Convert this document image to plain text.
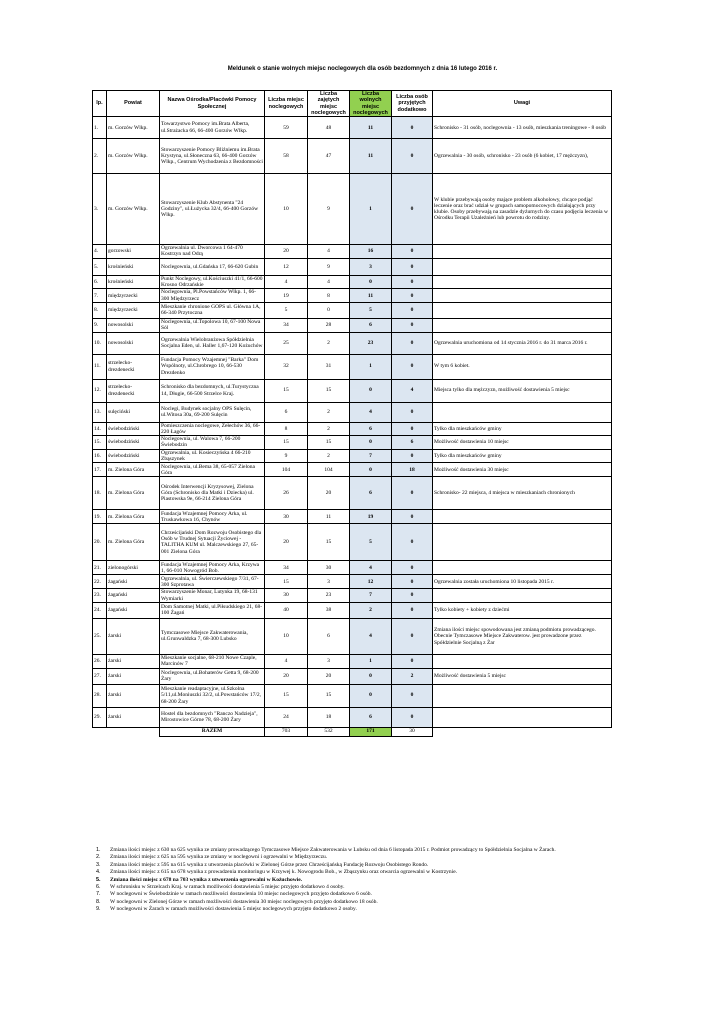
Meldunek o stanie wolnych miejsc noclegowych dla osób bezdomnych z dnia 16 lutego 2016 r.
lp.	Powiat	Nazwa Ośrodka/Placówki Pomocy Społecznej	Liczba miejsc noclegowych	Liczba zajętych miejsc noclegowych	Liczba wolnych miejsc noclegowych	Liczba osób przyjętych dodatkowo	Uwagi
1.	m. Gorzów Wlkp.	Towarzystwo Pomocy im.Brata Alberta, ul.Strażacka 66, 66-400 Gorzów Wlkp.	59	48	11	0	Schronisko - 31 osób, noclegownia - 13 osób, mieszkania treningowe - 8 osób
2.	m. Gorzów Wlkp.	Stowarzyszenie Pomocy Bliźniemu im.Brata Krystyna, ul.Słoneczna 63, 66-400 Gorzów Wlkp., Centrum Wychodzenia z Bezdomności	58	47	11	0	Ogrzewalnia - 30 osób, schronisko - 23 osób (6 kobiet, 17 mężczyzn),
3.	m. Gorzów Wlkp.	Stowarzyszenie Klub Abstynenta "24 Godziny", ul.Łużycka 32/4, 66-400 Gorzów Wlkp.	10	9	1	0	W klubie przebywają osoby mające problem alkoholowy, chcące podjąć leczenie oraz brać udział w grupach samopomocowych działających przy klubie. Osoby przebywają na zasadzie dyżurnych do czasu podjęcia leczenia w Ośrodku Terapii Uzależnień lub powrotu do rodziny.
4.	gorzowski	Ogrzewalnia ul. Dworcowa 1 64-470 Kostrzyn nad Odrą	20	4	16	0	
5.	krośnieński	Noclegownia, ul.Gdańska 17, 66-620 Gubin	12	9	3	0	
6.	krośnieński	Punkt Noclegowy, ul.Kościuszki 41/1, 66-600 Krosno Odrzańskie	4	4	0	0	
7.	międzyrzecki	Noclegownia, Pl.Powstańców Wlkp. 1, 66-300 Międzyrzecz	19	8	11	0	
8.	międzyrzecki	Mieszkanie chronione GOPS ul. Główna 1A, 66-340 Przytoczna	5	0	5	0	
9.	nowosolski	Noclegownia, ul.Topolowa 10, 67-100 Nowa Sól	34	28	6	0	
10.	nowosolski	Ogrzewalnia Wielobranżowa Spółdzielnia Socjalna Eden, ul. Haller 1,67-120 Kożuchów	25	2	23	0	Ogrzewalnia uruchomiona od 14 stycznia 2016 r. do 31 marca 2016 r.
11.	strzelecko-drezdenecki	Fundacja Pomocy Wzajemnej "Barka" Dom Wspólnoty, ul.Chrobrego 10, 66-530 Drezdenko	32	31	1	0	W tym 6 kobiet.
12.	strzelecko-drezdenecki	Schronisko dla bezdomnych, ul.Turystyczna 14, Długie, 66-500 Strzelce Kraj.	15	15	0	4	Miejsca tylko dla mężczyzn, możliwość dostawienia 5 miejsc
13.	sulęciński	Noclegi, Budynek socjalny OPS Sulęcin, ul.Witosa 30a, 69-200 Sulęcin	6	2	4	0	
14.	świebodziński	Pomieszczenia noclegowe, Zełechów 36, 66-220 Łagów	8	2	6	0	Tylko dla mieszkańców gminy
15.	świebodziński	Noclegownia, ul. Walowa 7, 66-200 Świebodzin	15	15	0	6	Możliwość dostawienia 10 miejsc
16.	świebodziński	Ogrzewalnia, ul. Kosieczyńska 4 66-210 Zbąszynek	9	2	7	0	Tylko dla mieszkańców gminy
17.	m. Zielona Góra	Noclegownia, ul.Bema 38, 65-057 Zielona Góra	104	104	0	18	Możliwość dostawienia 30 miejsc
18.	m. Zielona Góra	Ośrodek Interwencji Kryzysowej, Zielona Góra (Schronisko dla Matki i Dziecka) ul. Piastowska 9e, 66-214 Zielona Góra	26	20	6	0	Schronisko- 22 miejsca, 4 miejsca w mieszkaniach chronionych
19.	m. Zielona Góra	Fundacja Wzajemnej Pomocy Arka, ul. Truskawkowa 16, Chynów	30	11	19	0	
20.	m. Zielona Góra	Chrześcijański Dom Rozwoju Osobistego dla Osób w Trudnej Sytuacji Życiowej - TALITHA KUM ul. Malczewskiego 27, 65-001 Zielona Góra	20	15	5	0	
21.	zielonogórski	Fundacja Wzajemnej Pomocy Arka, Krzywa 1, 66-010 Nowogród Bob.	34	30	4	0	
22.	żagański	Ogrzewalnia, ul. Świerczewskiego 7/31, 67-300 Szprotawa	15	3	12	0	Ogrzewalnia została uruchomiona 10 listopada 2015 r.
23.	żagański	Stowarzyszenie Monar, Lutynka 19, 68-131 Wymiarki	30	23	7	0	
24.	żagański	Dom Samotnej Matki, ul.Piłsudskiego 21, 68-100 Żagań	40	38	2	0	Tylko kobiety + kobiety z dziećmi
25.	żarski	Tymczasowe Miejsce Zakwaterowania, ul.Grunwaldzka 7, 68-300 Lubsko	10	6	4	0	Zmiana ilości miejsc spowodowana jest zmianą podmiotu prowadzącego. Obecnie Tymczasowe Miejsce Zakwaterow. jest prowadzone przez Spółdzielnie Socjalną z Żar
26.	żarski	Mieszkanie socjalne, 68-210 Nowe Czaple, Marcinów 7	4	3	1	0	
27.	żarski	Noclegownia, ul.Bohaterów Getta 9, 68-200 Żary	20	20	0	2	Możliwość dostawienia 5 miejsc
28.	żarski	Mieszkanie readaptacyjne, ul.Szkolna 5/11,ul.Moniuszki 32/2, ul.Powstańców 17/2, 68-200 Żary	15	15	0	0	
29.	żarski	Hostel dla bezdomnych "Ranczo Nadzieja", Mirostowice Górne 78, 68-200 Żary	24	18	6	0	
		RAZEM	703	532	171	30	
1. Zmiana ilości miejsc z 630 na 625 wynika ze zmiany prowadzącego Tymczasowe Miejsce Zakwaterowania w Lubsku od dnia 6 listopada 2015 r. Podmiot prowadzący to Spółdzielnia Socjalna w Żarach.
2. Zmiana ilości miejsc z 625 na 595 wynika ze zmiany w noclegowni i ogrzewalni w Międzyrzeczu.
3. Zmiana ilości miejsc z 595 na 615 wynika z utworzenia placówki w Zielonej Górze przez Chrześcijańską Fundację Rozwoju Osobistego Rondo.
4. Zmiana ilości miejsc z 615 na 678 wynika z prowadzenia monitoringu w Krzywej k. Nowogrodu Bob., w Zbąszynku oraz otwarcia ogrzewalni w Kostrzynie.
5. Zmiana ilości miejsc z 678 na 703 wynika z utworzenia ogrzewalni w Kożuchowie.
6. W schronisku w Strzelcach Kraj. w ramach możliwości dostawienia 5 miejsc przyjęto dodatkowo 4 osoby.
7. W noclegowni w Świebodzinie w ramach możliwości dostawienia 10 miejsc noclegowych przyjęto dodatkowo 6 osób.
8. W noclegowni w Zielonej Górze w ramach możliwości dostawienia 30 miejsc noclegowych przyjęto dodatkowo 18 osób.
9. W noclegowni w Żarach w ramach możliwości dostawienia 5 miejsc noclegowych przyjęto dodatkowo 2 osoby.
